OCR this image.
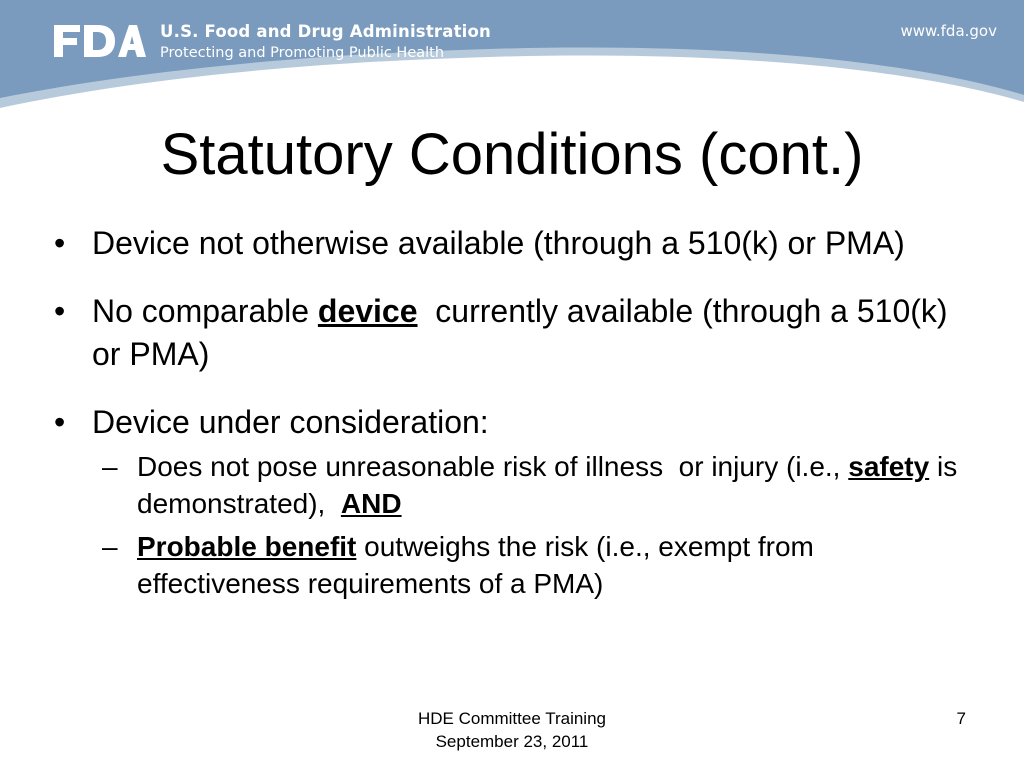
U.S. Food and Drug Administration
Protecting and Promoting Public Health
www.fda.gov
Statutory Conditions (cont.)
• Device not otherwise available (through a 510(k) or PMA)
• No comparable device  currently available (through a 510(k) or PMA)
• Device under consideration:
– Does not pose unreasonable risk of illness  or injury (i.e., safety is demonstrated),  AND
– Probable benefit outweighs the risk (i.e., exempt from effectiveness requirements of a PMA)
HDE Committee Training
September 23, 2011
7
